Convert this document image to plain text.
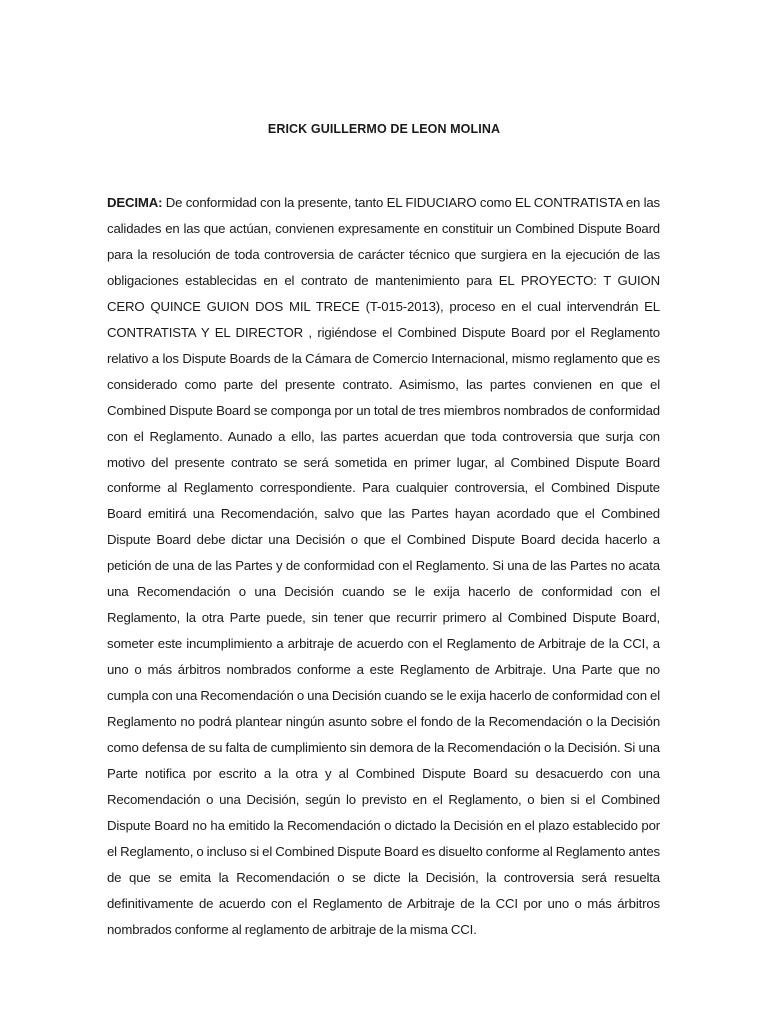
ERICK GUILLERMO DE LEON MOLINA

DECIMA: De conformidad con la presente, tanto EL FIDUCIARO como EL CONTRATISTA en las calidades en las que actúan, convienen expresamente en constituir un Combined Dispute Board para la resolución de toda controversia de carácter técnico que surgiera en la ejecución de las obligaciones establecidas en el contrato de mantenimiento para EL PROYECTO: T GUION CERO QUINCE GUION DOS MIL TRECE (T-015-2013), proceso en el cual intervendrán EL CONTRATISTA Y EL DIRECTOR , rigiéndose el Combined Dispute Board por el Reglamento relativo a los Dispute Boards de la Cámara de Comercio Internacional, mismo reglamento que es considerado como parte del presente contrato. Asimismo, las partes convienen en que el Combined Dispute Board se componga por un total de tres miembros nombrados de conformidad con el Reglamento. Aunado a ello, las partes acuerdan que toda controversia que surja con motivo del presente contrato se será sometida en primer lugar, al Combined Dispute Board conforme al Reglamento correspondiente. Para cualquier controversia, el Combined Dispute Board emitirá una Recomendación, salvo que las Partes hayan acordado que el Combined Dispute Board debe dictar una Decisión o que el Combined Dispute Board decida hacerlo a petición de una de las Partes y de conformidad con el Reglamento. Si una de las Partes no acata una Recomendación o una Decisión cuando se le exija hacerlo de conformidad con el Reglamento, la otra Parte puede, sin tener que recurrir primero al Combined Dispute Board, someter este incumplimiento a arbitraje de acuerdo con el Reglamento de Arbitraje de la CCI, a uno o más árbitros nombrados conforme a este Reglamento de Arbitraje. Una Parte que no cumpla con una Recomendación o una Decisión cuando se le exija hacerlo de conformidad con el Reglamento no podrá plantear ningún asunto sobre el fondo de la Recomendación o la Decisión como defensa de su falta de cumplimiento sin demora de la Recomendación o la Decisión. Si una Parte notifica por escrito a la otra y al Combined Dispute Board su desacuerdo con una Recomendación o una Decisión, según lo previsto en el Reglamento, o bien si el Combined Dispute Board no ha emitido la Recomendación o dictado la Decisión en el plazo establecido por el Reglamento, o incluso si el Combined Dispute Board es disuelto conforme al Reglamento antes de que se emita la Recomendación o se dicte la Decisión, la controversia será resuelta definitivamente de acuerdo con el Reglamento de Arbitraje de la CCI por uno o más árbitros nombrados conforme al reglamento de arbitraje de la misma CCI.
